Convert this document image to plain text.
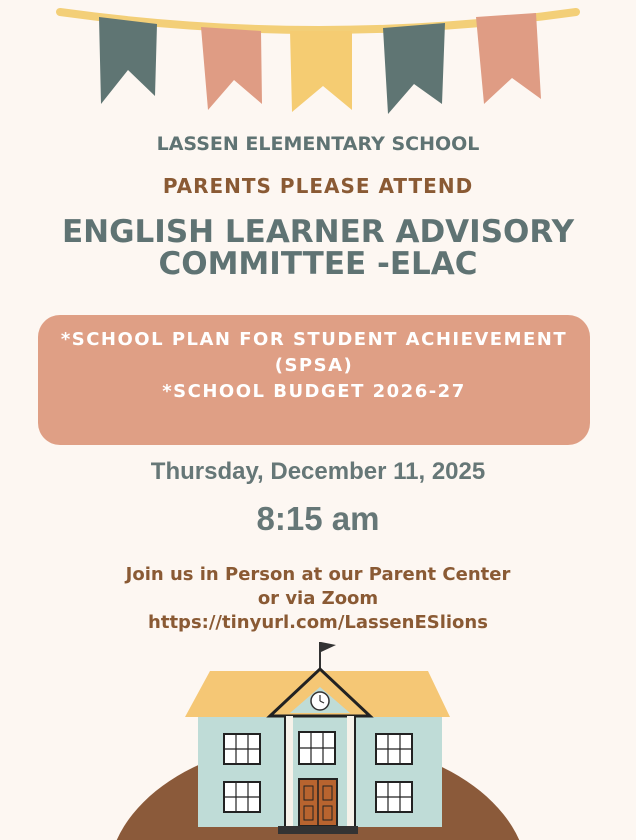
LASSEN ELEMENTARY SCHOOL
PARENTS PLEASE ATTEND
ENGLISH LEARNER ADVISORY
COMMITTEE -ELAC
*SCHOOL PLAN FOR STUDENT ACHIEVEMENT
(SPSA)
*SCHOOL BUDGET 2026-27
Thursday, December 11, 2025
8:15 am
Join us in Person at our Parent Center
or via Zoom
https://tinyurl.com/LassenESlions
